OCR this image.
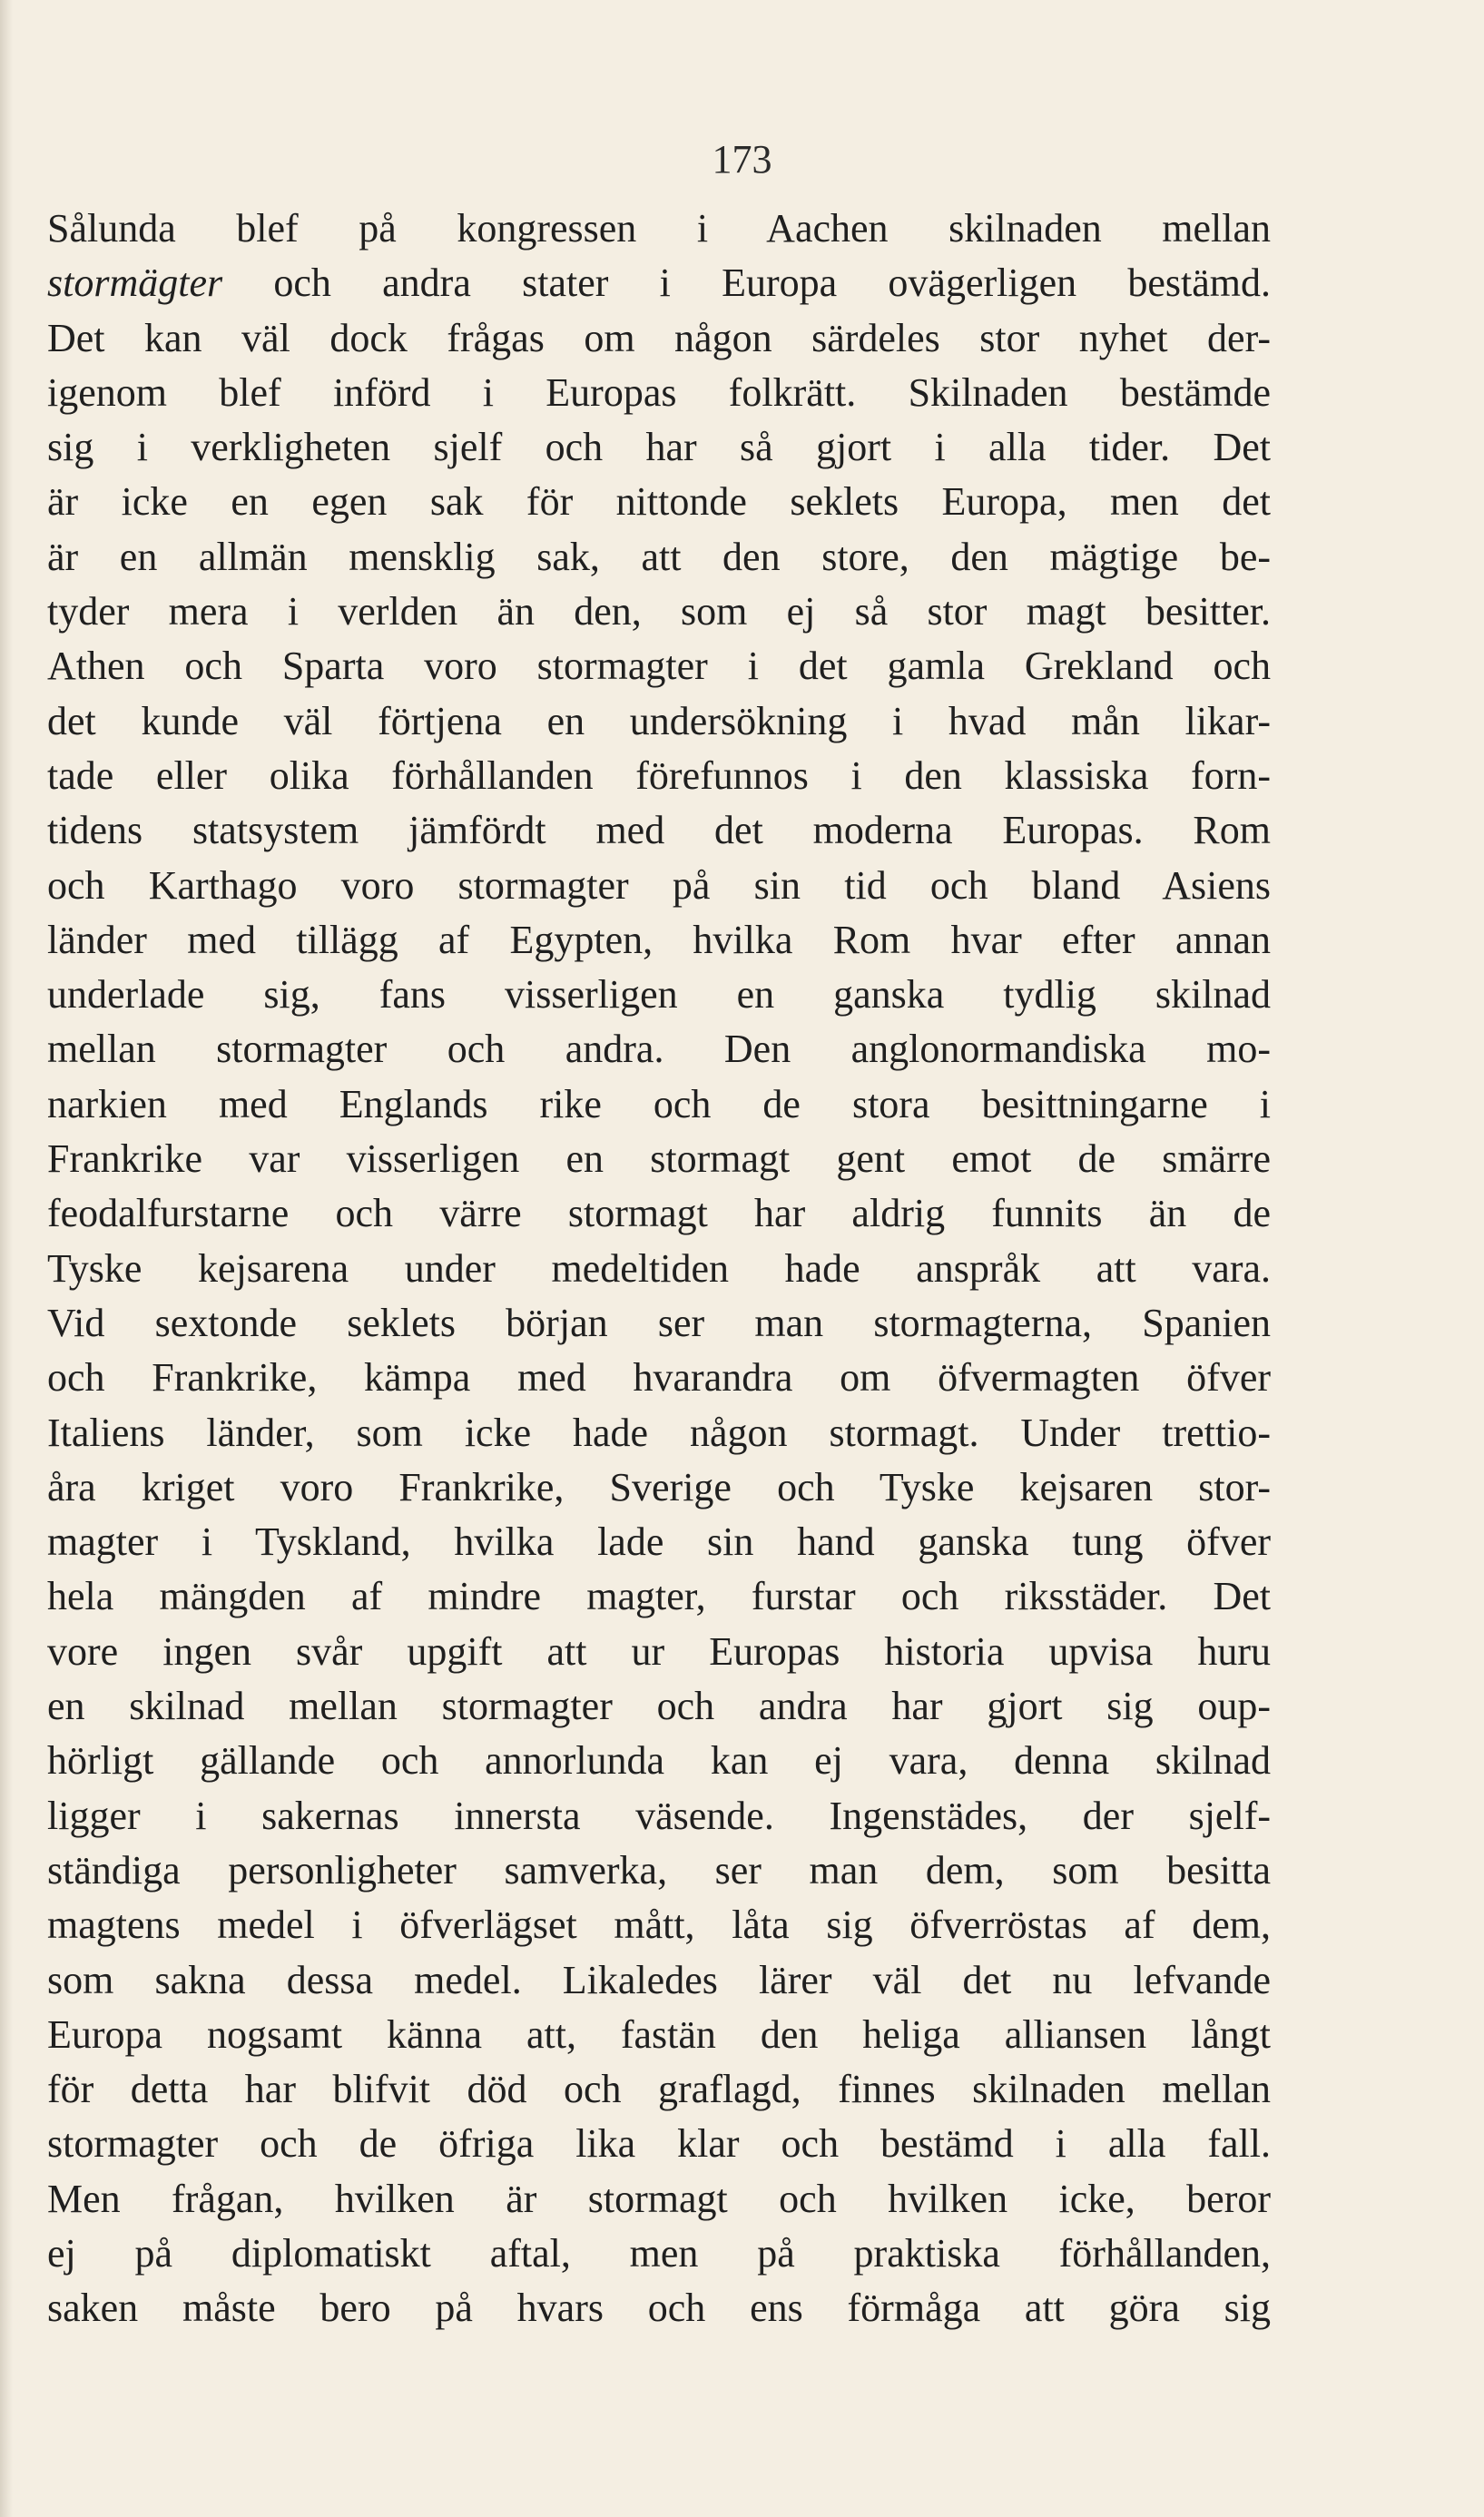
173
Sålunda blef på kongressen i Aachen skilnaden mellan
stormägter och andra stater i Europa ovägerligen bestämd.
Det kan väl dock frågas om någon särdeles stor nyhet der-
igenom blef införd i Europas folkrätt. Skilnaden bestämde
sig i verkligheten sjelf och har så gjort i alla tider. Det
är icke en egen sak för nittonde seklets Europa, men det
är en allmän mensklig sak, att den store, den mägtige be-
tyder mera i verlden än den, som ej så stor magt besitter.
Athen och Sparta voro stormagter i det gamla Grekland och
det kunde väl förtjena en undersökning i hvad mån likar-
tade eller olika förhållanden förefunnos i den klassiska forn-
tidens statsystem jämfördt med det moderna Europas. Rom
och Karthago voro stormagter på sin tid och bland Asiens
länder med tillägg af Egypten, hvilka Rom hvar efter annan
underlade sig, fans visserligen en ganska tydlig skilnad
mellan stormagter och andra. Den anglonormandiska mo-
narkien med Englands rike och de stora besittningarne i
Frankrike var visserligen en stormagt gent emot de smärre
feodalfurstarne och värre stormagt har aldrig funnits än de
Tyske kejsarena under medeltiden hade anspråk att vara.
Vid sextonde seklets början ser man stormagterna, Spanien
och Frankrike, kämpa med hvarandra om öfvermagten öfver
Italiens länder, som icke hade någon stormagt. Under trettio-
åra kriget voro Frankrike, Sverige och Tyske kejsaren stor-
magter i Tyskland, hvilka lade sin hand ganska tung öfver
hela mängden af mindre magter, furstar och riksstäder. Det
vore ingen svår upgift att ur Europas historia upvisa huru
en skilnad mellan stormagter och andra har gjort sig oup-
hörligt gällande och annorlunda kan ej vara, denna skilnad
ligger i sakernas innersta väsende. Ingenstädes, der sjelf-
ständiga personligheter samverka, ser man dem, som besitta
magtens medel i öfverlägset mått, låta sig öfverröstas af dem,
som sakna dessa medel. Likaledes lärer väl det nu lefvande
Europa nogsamt känna att, fastän den heliga alliansen långt
för detta har blifvit död och graflagd, finnes skilnaden mellan
stormagter och de öfriga lika klar och bestämd i alla fall.
Men frågan, hvilken är stormagt och hvilken icke, beror
ej på diplomatiskt aftal, men på praktiska förhållanden,
saken måste bero på hvars och ens förmåga att göra sig
